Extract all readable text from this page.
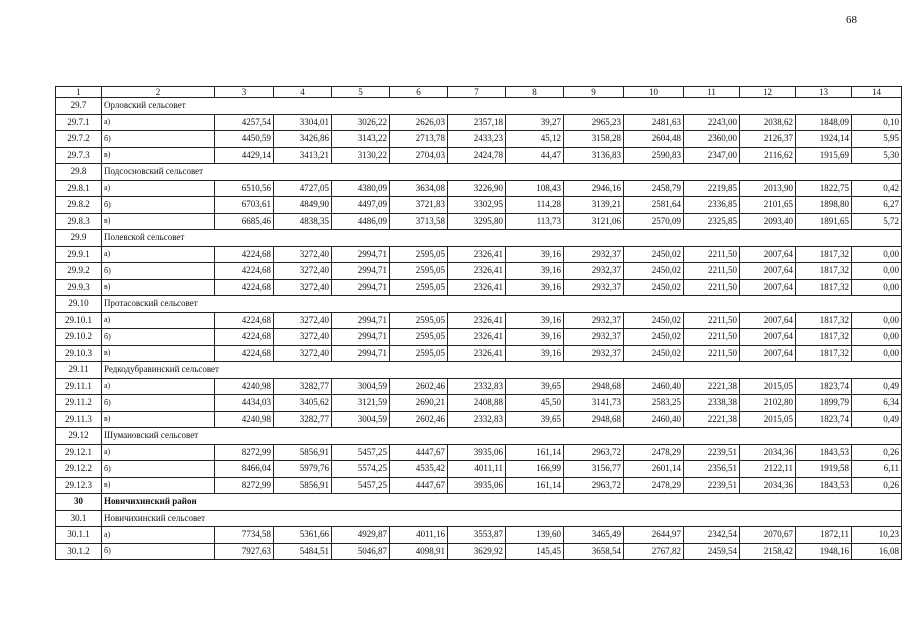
68
1	2	3	4	5	6	7	8	9	10	11	12	13	14
29.7	Орловский сельсовет												
29.7.1	а)	4257,54	3304,01	3026,22	2626,03	2357,18	39,27	2965,23	2481,63	2243,00	2038,62	1848,09	0,10
29.7.2	б)	4450,59	3426,86	3143,22	2713,78	2433,23	45,12	3158,28	2604,48	2360,00	2126,37	1924,14	5,95
29.7.3	в)	4429,14	3413,21	3130,22	2704,03	2424,78	44,47	3136,83	2590,83	2347,00	2116,62	1915,69	5,30
29.8	Подсосновский сельсовет												
29.8.1	а)	6510,56	4727,05	4380,09	3634,08	3226,90	108,43	2946,16	2458,79	2219,85	2013,90	1822,75	0,42
29.8.2	б)	6703,61	4849,90	4497,09	3721,83	3302,95	114,28	3139,21	2581,64	2336,85	2101,65	1898,80	6,27
29.8.3	в)	6685,46	4838,35	4486,09	3713,58	3295,80	113,73	3121,06	2570,09	2325,85	2093,40	1891,65	5,72
29.9	Полевской сельсовет												
29.9.1	а)	4224,68	3272,40	2994,71	2595,05	2326,41	39,16	2932,37	2450,02	2211,50	2007,64	1817,32	0,00
29.9.2	б)	4224,68	3272,40	2994,71	2595,05	2326,41	39,16	2932,37	2450,02	2211,50	2007,64	1817,32	0,00
29.9.3	в)	4224,68	3272,40	2994,71	2595,05	2326,41	39,16	2932,37	2450,02	2211,50	2007,64	1817,32	0,00
29.10	Протасовский сельсовет												
29.10.1	а)	4224,68	3272,40	2994,71	2595,05	2326,41	39,16	2932,37	2450,02	2211,50	2007,64	1817,32	0,00
29.10.2	б)	4224,68	3272,40	2994,71	2595,05	2326,41	39,16	2932,37	2450,02	2211,50	2007,64	1817,32	0,00
29.10.3	в)	4224,68	3272,40	2994,71	2595,05	2326,41	39,16	2932,37	2450,02	2211,50	2007,64	1817,32	0,00
29.11	Редкодубравинский сельсовет												
29.11.1	а)	4240,98	3282,77	3004,59	2602,46	2332,83	39,65	2948,68	2460,40	2221,38	2015,05	1823,74	0,49
29.11.2	б)	4434,03	3405,62	3121,59	2690,21	2408,88	45,50	3141,73	2583,25	2338,38	2102,80	1899,79	6,34
29.11.3	в)	4240,98	3282,77	3004,59	2602,46	2332,83	39,65	2948,68	2460,40	2221,38	2015,05	1823,74	0,49
29.12	Шумановский сельсовет												
29.12.1	а)	8272,99	5856,91	5457,25	4447,67	3935,06	161,14	2963,72	2478,29	2239,51	2034,36	1843,53	0,26
29.12.2	б)	8466,04	5979,76	5574,25	4535,42	4011,11	166,99	3156,77	2601,14	2356,51	2122,11	1919,58	6,11
29.12.3	в)	8272,99	5856,91	5457,25	4447,67	3935,06	161,14	2963,72	2478,29	2239,51	2034,36	1843,53	0,26
30	Новичихинский район												
30.1	Новичихинский сельсовет												
30.1.1	а)	7734,58	5361,66	4929,87	4011,16	3553,87	139,60	3465,49	2644,97	2342,54	2070,67	1872,11	10,23
30.1.2	б)	7927,63	5484,51	5046,87	4098,91	3629,92	145,45	3658,54	2767,82	2459,54	2158,42	1948,16	16,08
